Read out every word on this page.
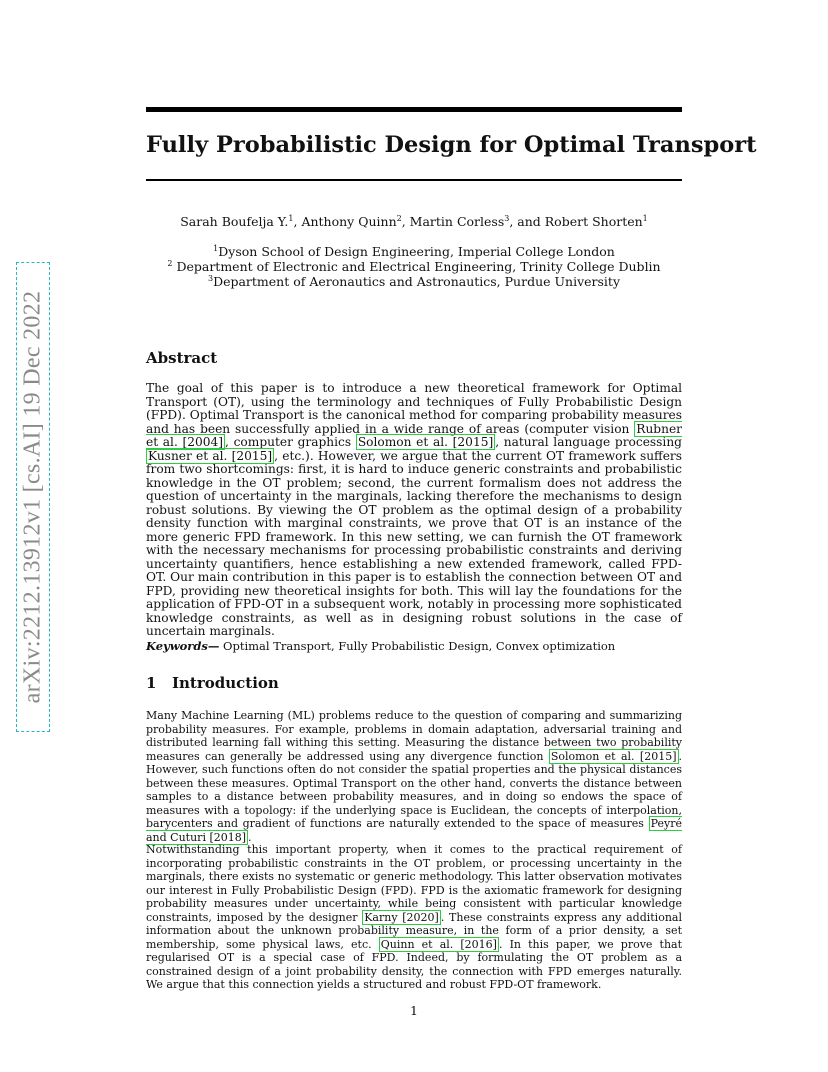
arXiv:2212.13912v1 [cs.AI] 19 Dec 2022
Fully Probabilistic Design for Optimal Transport
Sarah Boufelja Y.$^1$, Anthony Quinn$^2$, Martin Corless$^3$, and Robert Shorten$^1$
$^1$Dyson School of Design Engineering, Imperial College London
$^2$ Department of Electronic and Electrical Engineering, Trinity College Dublin
$^3$Department of Aeronautics and Astronautics, Purdue University
Abstract

The goal of this paper is to introduce a new theoretical framework for Optimal Transport (OT), using the terminology and techniques of Fully Probabilistic Design (FPD). Optimal Transport is the canonical method for comparing probability measures and has been successfully applied in a wide range of areas (computer vision Rubner et al. [2004] , computer graphics Solomon et al. [2015] , natural language processing Kusner et al. [2015] , etc.). However, we argue that the current OT framework suffers from two shortcomings: first, it is hard to induce generic constraints and probabilistic knowledge in the OT problem; second, the current formalism does not address the question of uncertainty in the marginals, lacking therefore the mechanisms to design robust solutions. By viewing the OT problem as the optimal design of a probability density function with marginal constraints, we prove that OT is an instance of the more generic FPD framework. In this new setting, we can furnish the OT framework with the necessary mechanisms for processing probabilistic constraints and deriving uncertainty quantifiers, hence establishing a new extended framework, called FPD-OT. Our main contribution in this paper is to establish the connection between OT and FPD, providing new theoretical insights for both. This will lay the foundations for the application of FPD-OT in a subsequent work, notably in processing more sophisticated knowledge constraints, as well as in designing robust solutions in the case of uncertain marginals.

Keywords— Optimal Transport, Fully Probabilistic Design, Convex optimization
1 Introduction

Many Machine Learning (ML) problems reduce to the question of comparing and summarizing probability measures. For example, problems in domain adaptation, adversarial training and distributed learning fall withing this setting. Measuring the distance between two probability measures can generally be addressed using any divergence function Solomon et al. [2015] . However, such functions often do not consider the spatial properties and the physical distances between these measures. Optimal Transport on the other hand, converts the distance between samples to a distance between probability measures, and in doing so endows the space of measures with a topology: if the underlying space is Euclidean, the concepts of interpolation, barycenters and gradient of functions are naturally extended to the space of measures Peyré and Cuturi [2018] .

Notwithstanding this important property, when it comes to the practical requirement of incorporating probabilistic constraints in the OT problem, or processing uncertainty in the marginals, there exists no systematic or generic methodology. This latter observation motivates our interest in Fully Probabilistic Design (FPD). FPD is the axiomatic framework for designing probability measures under uncertainty, while being consistent with particular knowledge constraints, imposed by the designer Karny [2020] . These constraints express any additional information about the unknown probability measure, in the form of a prior density, a set membership, some physical laws, etc. Quinn et al. [2016] . In this paper, we prove that regularised OT is a special case of FPD. Indeed, by formulating the OT problem as a constrained design of a joint probability density, the connection with FPD emerges naturally. We argue that this connection yields a structured and robust FPD-OT framework.

1
